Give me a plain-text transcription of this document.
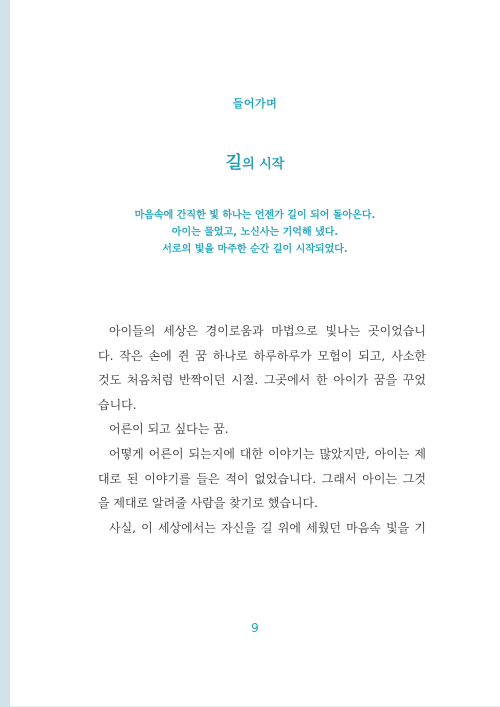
들어가며
길의 시작
마음속에 간직한 빛 하나는 언젠가 길이 되어 돌아온다.
아이는 물었고, 노신사는 기억해 냈다.
서로의 빛을 마주한 순간 길이 시작되었다.
아이들의 세상은 경이로움과 마법으로 빛나는 곳이었습니
다. 작은 손에 쥔 꿈 하나로 하루하루가 모험이 되고, 사소한
것도 처음처럼 반짝이던 시절. 그곳에서 한 아이가 꿈을 꾸었
습니다.
어른이 되고 싶다는 꿈.
어떻게 어른이 되는지에 대한 이야기는 많았지만, 아이는 제
대로 된 이야기를 들은 적이 없었습니다. 그래서 아이는 그것
을 제대로 알려줄 사람을 찾기로 했습니다.
사실, 이 세상에서는 자신을 길 위에 세웠던 마음속 빛을 기
9
